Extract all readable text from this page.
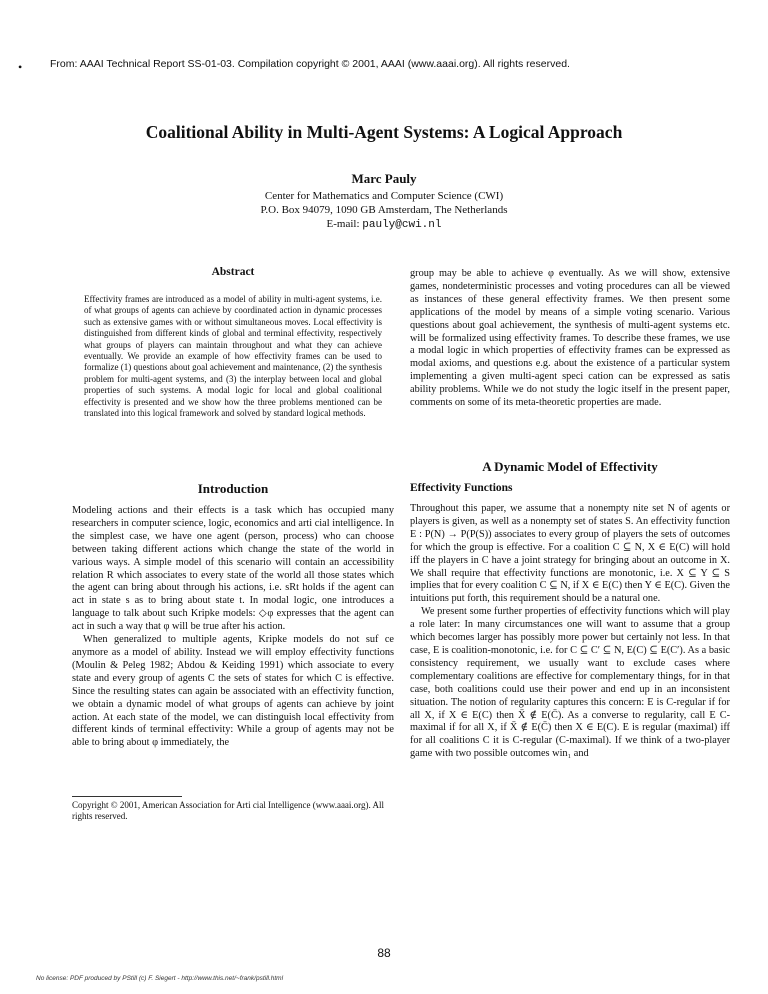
•	From: AAAI Technical Report SS-01-03. Compilation copyright © 2001, AAAI (www.aaai.org). All rights reserved.
Coalitional Ability in Multi-Agent Systems: A Logical Approach
Marc Pauly
Center for Mathematics and Computer Science (CWI)
P.O. Box 94079, 1090 GB Amsterdam, The Netherlands
E-mail: pauly@cwi.nl
Abstract
Effectivity frames are introduced as a model of ability in multi-agent systems, i.e. of what groups of agents can achieve by coordinated action in dynamic processes such as extensive games with or without simultaneous moves. Local effectivity is distinguished from different kinds of global and terminal effectivity, respectively what groups of players can maintain throughout and what they can achieve eventually. We provide an example of how effectivity frames can be used to formalize (1) questions about goal achievement and maintenance, (2) the synthesis problem for multi-agent systems, and (3) the interplay between local and global properties of such systems. A modal logic for local and global coalitional effectivity is presented and we show how the three problems mentioned can be translated into this logical framework and solved by standard logical methods.
Introduction

Modeling actions and their effects is a task which has occupied many researchers in computer science, logic, economics and arti cial intelligence. In the simplest case, we have one agent (person, process) who can choose between taking different actions which change the state of the world in various ways. A simple model of this scenario will contain an accessibility relation R which associates to every state of the world all those states which the agent can bring about through his actions, i.e. sRt holds if the agent can act in state s as to bring about state t. In modal logic, one introduces a language to talk about such Kripke models: ◇φ expresses that the agent can act in such a way that φ will be true after his action.

When generalized to multiple agents, Kripke models do not suf ce anymore as a model of ability. Instead we will employ effectivity functions (Moulin & Peleg 1982; Abdou & Keiding 1991) which associate to every state and every group of agents C the sets of states for which C is effective. Since the resulting states can again be associated with an effectivity function, we obtain a dynamic model of what groups of agents can achieve by joint action. At each state of the model, we can distinguish local effectivity from different kinds of terminal effectivity: While a group of agents may not be able to bring about φ immediately, the

Copyright © 2001, American Association for Arti cial Intelligence (www.aaai.org). All rights reserved.
group may be able to achieve φ eventually. As we will show, extensive games, nondeterministic processes and voting procedures can all be viewed as instances of these general effectivity frames. We then present some applications of the model by means of a simple voting scenario. Various questions about goal achievement, the synthesis of multi-agent systems etc. will be formalized using effectivity frames. To describe these frames, we use a modal logic in which properties of effectivity frames can be expressed as modal axioms, and questions e.g. about the existence of a particular system implementing a given multi-agent speci cation can be expressed as satis ability problems. While we do not study the logic itself in the present paper, comments on some of its meta-theoretic properties are made.
A Dynamic Model of Effectivity
Effectivity Functions

Throughout this paper, we assume that a nonempty nite set N of agents or players is given, as well as a nonempty set of states S. An effectivity function E : P(N) → P(P(S)) associates to every group of players the sets of outcomes for which the group is effective. For a coalition C ⊆ N, X ∈ E(C) will hold iff the players in C have a joint strategy for bringing about an outcome in X. We shall require that effectivity functions are monotonic, i.e. X ⊆ Y ⊆ S implies that for every coalition C ⊆ N, if X ∈ E(C) then Y ∈ E(C). Given the intuitions put forth, this requirement should be a natural one.

We present some further properties of effectivity functions which will play a role later: In many circumstances one will want to assume that a group which becomes larger has possibly more power but certainly not less. In that case, E is coalition-monotonic, i.e. for C ⊆ C′ ⊆ N, E(C) ⊆ E(C′). As a basic consistency requirement, we usually want to exclude cases where complementary coalitions are effective for complementary things, for in that case, both coalitions could use their power and end up in an inconsistent situation. The notion of regularity captures this concern: E is C-regular if for all X, if X ∈ E(C) then X̄ ∉ E(C̄). As a converse to regularity, call E C-maximal if for all X, if X̄ ∉ E(C̄) then X ∈ E(C). E is regular (maximal) iff for all coalitions C it is C-regular (C-maximal). If we think of a two-player game with two possible outcomes win₁ and

88
No license: PDF produced by PStill (c) F. Siegert - http://www.this.net/~frank/pstill.html
